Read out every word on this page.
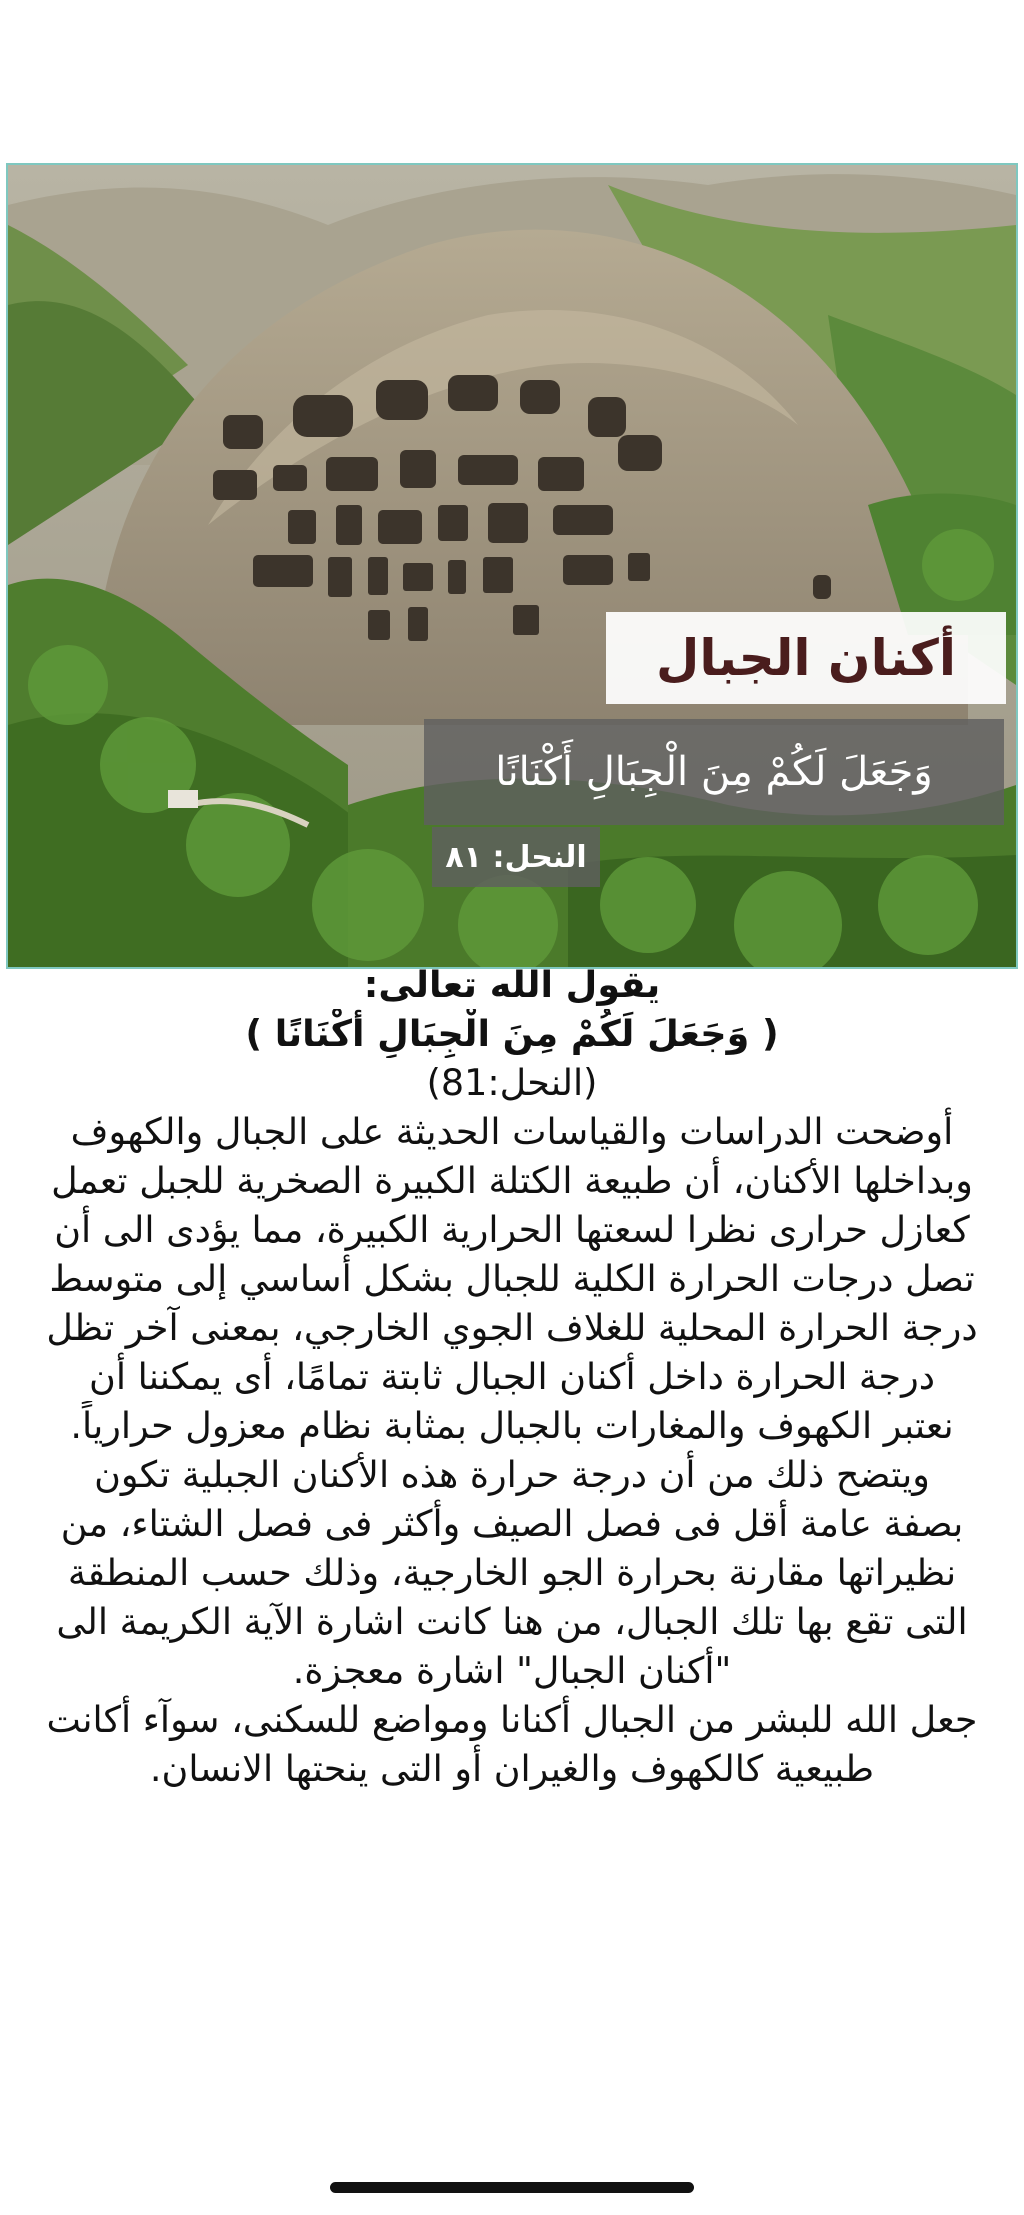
أكنان الجبال
وَجَعَلَ لَكُمْ مِنَ الْجِبَالِ أَكْنَانًا
النحل: ٨١
يقول الله تعالى:
( وَجَعَلَ لَكُمْ مِنَ الْجِبَالِ أَكْنَانًا )
(النحل:81)
أوضحت الدراسات والقياسات الحديثة على الجبال والكهوف
وبداخلها الأكنان، أن طبيعة الكتلة الكبيرة الصخرية للجبل تعمل
كعازل حرارى نظرا لسعتها الحرارية الكبيرة، مما يؤدى الى أن
تصل درجات الحرارة الكلية للجبال بشكل أساسي إلى متوسط
درجة الحرارة المحلية للغلاف الجوي الخارجي، بمعنى آخر تظل
درجة الحرارة داخل أكنان الجبال ثابتة تمامًا، أى يمكننا أن
نعتبر الكهوف والمغارات بالجبال بمثابة نظام معزول حرارياً.
ويتضح ذلك من أن درجة حرارة هذه الأكنان الجبلية تكون
بصفة عامة أقل فى فصل الصيف وأكثر فى فصل الشتاء، من
نظيراتها مقارنة بحرارة الجو الخارجية، وذلك حسب المنطقة
التى تقع بها تلك الجبال، من هنا كانت اشارة الآية الكريمة الى
"أكنان الجبال" اشارة معجزة.
جعل الله للبشر من الجبال أكنانا ومواضع للسكنى، سوآء أكانت
طبيعية كالكهوف والغيران أو التى ينحتها الانسان.
